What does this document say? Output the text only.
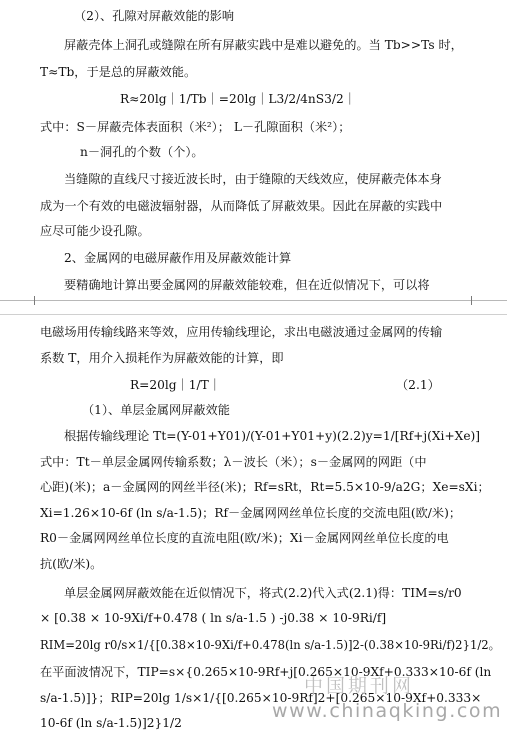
（2）、孔隙对屏蔽效能的影响
屏蔽壳体上洞孔或缝隙在所有屏蔽实践中是难以避免的。当 Tb>>Ts 时，
T≈Tb，于是总的屏蔽效能。
R≈20lg｜1/Tb｜=20lg｜L3/2/4nS3/2｜
式中：S－屏蔽壳体表面积（米²）； L－孔隙面积（米²）；
n－洞孔的个数（个）。
当缝隙的直线尺寸接近波长时，由于缝隙的天线效应，使屏蔽壳体本身
成为一个有效的电磁波辐射器，从而降低了屏蔽效果。因此在屏蔽的实践中
应尽可能少设孔隙。
2、金属网的电磁屏蔽作用及屏蔽效能计算
要精确地计算出要金属网的屏蔽效能较难，但在近似情况下，可以将
电磁场用传输线路来等效，应用传输线理论，求出电磁波通过金属网的传输
系数 T，用介入损耗作为屏蔽效能的计算，即
R=20lg｜1/T｜	（2.1）
（1）、单层金属网屏蔽效能
根据传输线理论 Tt=(Y-01+Y01)/(Y-01+Y01+y)(2.2)y=1/[Rf+j(Xi+Xe)]
式中：Tt－单层金属网传输系数；λ－波长（米）；s－金属网的网距（中
心距)(米)；a－金属网的网丝半径(米)；Rf=sRt，Rt=5.5×10-9/a2G；Xe=sXi；
Xi=1.26×10-6f (ln s/a-1.5)；Rf－金属网网丝单位长度的交流电阻(欧/米)；
R0－金属网网丝单位长度的直流电阻(欧/米)；Xi－金属网网丝单位长度的电
抗(欧/米)。
单层金属网屏蔽效能在近似情况下，将式(2.2)代入式(2.1)得：TIM=s/r0
× [0.38 × 10-9Xi/f+0.478 ( ln s/a-1.5 ) -j0.38 × 10-9Ri/f]
RIM=20lg r0/s×1/{[0.38×10-9Xi/f+0.478(ln s/a-1.5)]2-(0.38×10-9Ri/f)2}1/2。
在平面波情况下，TIP=s×{0.265×10-9Rf+j[0.265×10-9Xf+0.333×10-6f (ln
s/a-1.5)]}；RIP=20lg 1/s×1/{[0.265×10-9Rf]2+[0.265×10-9Xf+0.333×
10-6f (ln s/a-1.5)]2}1/2
中国期刊网
www.chinaqking.com
